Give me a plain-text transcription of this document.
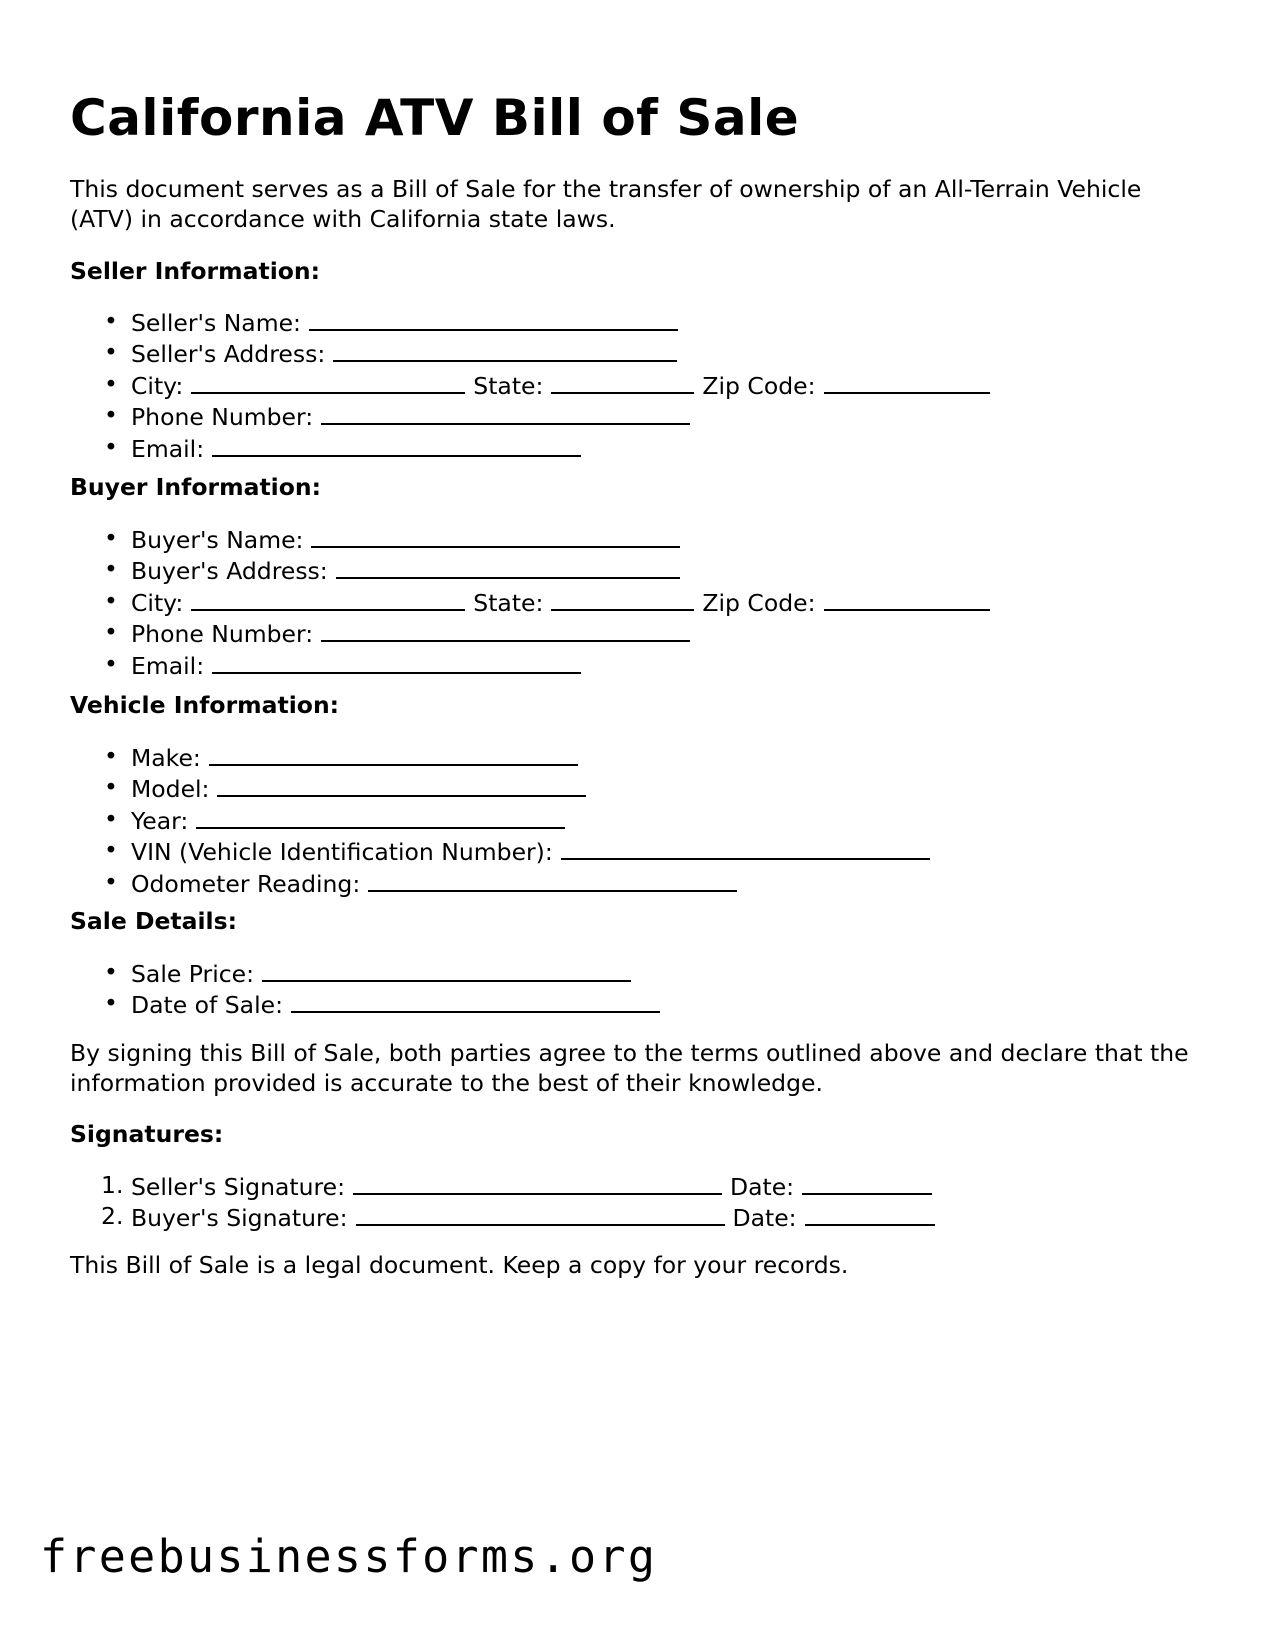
California ATV Bill of Sale

This document serves as a Bill of Sale for the transfer of ownership of an All-Terrain Vehicle (ATV) in accordance with California state laws.

Seller Information:
• Seller's Name:
• Seller's Address:
• City:	State:	Zip Code:
• Phone Number:
• Email:
Buyer Information:
• Buyer's Name:
• Buyer's Address:
• City:	State:	Zip Code:
• Phone Number:
• Email:
Vehicle Information:
• Make:
• Model:
• Year:
• VIN (Vehicle Identification Number):
• Odometer Reading:
Sale Details:
• Sale Price:
• Date of Sale:

By signing this Bill of Sale, both parties agree to the terms outlined above and declare that the information provided is accurate to the best of their knowledge.

Signatures:
1. Seller's Signature:	Date:
2. Buyer's Signature:	Date:

This Bill of Sale is a legal document. Keep a copy for your records.

freebusinessforms.org
